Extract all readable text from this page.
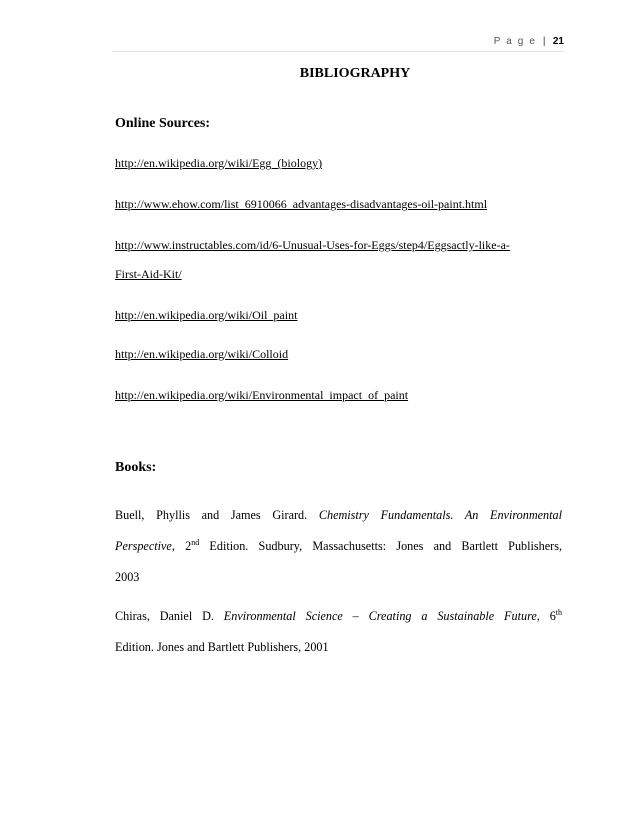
P a g e | 21
BIBLIOGRAPHY
Online Sources:
http://en.wikipedia.org/wiki/Egg_(biology)
http://www.ehow.com/list_6910066_advantages-disadvantages-oil-paint.html
http://www.instructables.com/id/6-Unusual-Uses-for-Eggs/step4/Eggsactly-like-a-
First-Aid-Kit/
http://en.wikipedia.org/wiki/Oil_paint
http://en.wikipedia.org/wiki/Colloid
http://en.wikipedia.org/wiki/Environmental_impact_of_paint
Books:
Buell, Phyllis and James Girard. Chemistry Fundamentals. An Environmental
Perspective, 2nd Edition. Sudbury, Massachusetts: Jones and Bartlett Publishers,
2003
Chiras, Daniel D. Environmental Science – Creating a Sustainable Future, 6th
Edition. Jones and Bartlett Publishers, 2001
